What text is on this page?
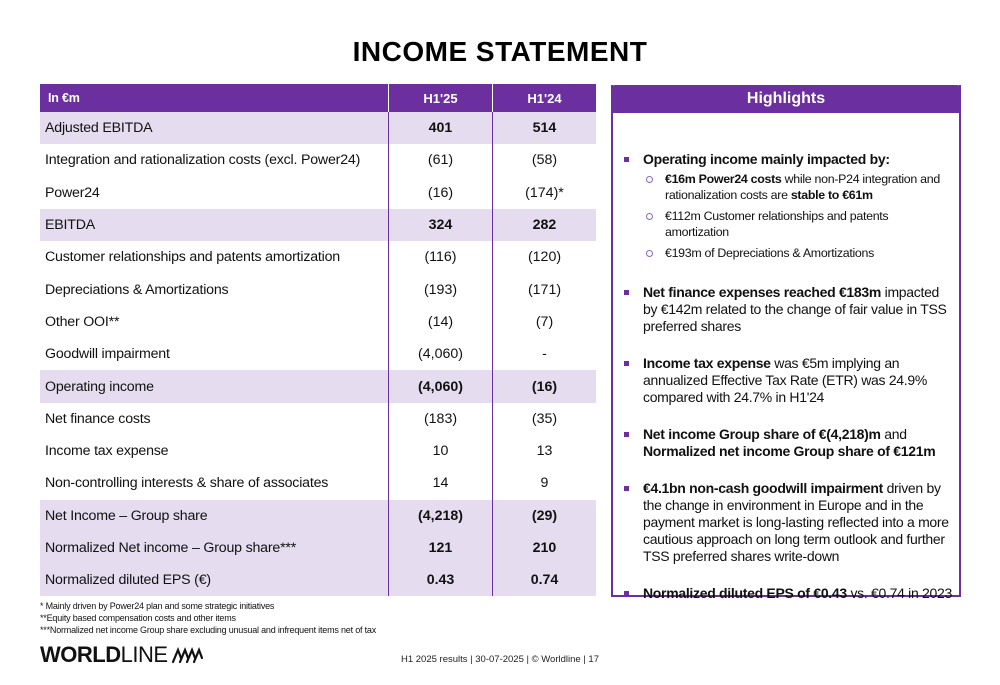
INCOME STATEMENT
In €m	H1'25	H1'24
Adjusted EBITDA	401	514
Integration and rationalization costs (excl. Power24)	(61)	(58)
Power24	(16)	(174)*
EBITDA	324	282
Customer relationships and patents amortization	(116)	(120)
Depreciations & Amortizations	(193)	(171)
Other OOI**	(14)	(7)
Goodwill impairment	(4,060)	-
Operating income	(4,060)	(16)
Net finance costs	(183)	(35)
Income tax expense	10	13
Non-controlling interests & share of associates	14	9
Net Income – Group share	(4,218)	(29)
Normalized Net income – Group share***	121	210
Normalized diluted EPS (€)	0.43	0.74
Highlights
Operating income mainly impacted by:
€16m Power24 costs while non-P24 integration and rationalization costs are stable to €61m
€112m Customer relationships and patents amortization
€193m of Depreciations & Amortizations
Net finance expenses reached €183m impacted by €142m related to the change of fair value in TSS preferred shares
Income tax expense was €5m implying an annualized Effective Tax Rate (ETR) was 24.9% compared with 24.7% in H1'24
Net income Group share of €(4,218)m and Normalized net income Group share of €121m
€4.1bn non-cash goodwill impairment driven by the change in environment in Europe and in the payment market is long-lasting reflected into a more cautious approach on long term outlook and further TSS preferred shares write-down
Normalized diluted EPS of €0.43 vs. €0.74 in 2023
* Mainly driven by Power24 plan and some strategic initiatives
**Equity based compensation costs and other items
***Normalized net income Group share excluding unusual and infrequent items net of tax
WORLD LINE	H1 2025 results | 30-07-2025 | © Worldline | 17
